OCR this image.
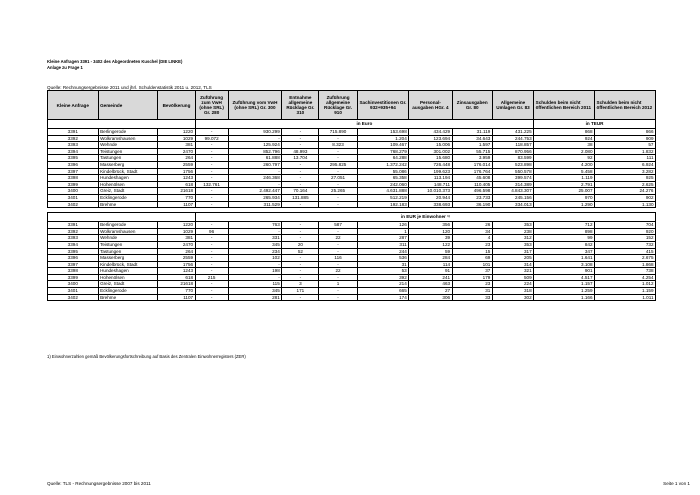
Kleine Anfragen 3391 - 3402 des Abgeordneten Kuschel (DIE LINKE)
Anlage zu Frage 1
Quelle: Rechnungsergebnisse 2011 und jhrl. Schuldenstatistik 2011 u. 2012, TLS
Kleine Anfrage	Gemeinde	Bevölkerung	Zuführung zum VwH (ohne SRL) Gr. 280	Zuführung vom VwH (ohne SRL) Gr. 300	Entnahme allgemeine Rücklage Gr. 310	Zuführung allgemeine Rücklage Gr. 910	Sachinvestitionen Gr. 932+935+94	Personal-ausgaben HGr. 4	Zinsausgaben Gr. 80	Allgemeine Umlagen Gr. 83	Schulden beim nicht öffentlichen Bereich 2011	Schulden beim nicht öffentlichen Bereich 2012
			in Euro								in TEUR	
3391	Berlingerode	1220	-	930.299	-	715.890	153.698	434.429	31.119	431.225	868	866
3392	Wolkramshausen	1029	99.072	-	-	-	1.204	123.694	34.643	244.753	924	909
3393	Wehnde	381	-	125.924	-	8.323	109.467	15.006	1.597	118.857	38	57
3394	Teistungen	2470	-	852.796	48.993	-	768.279	301.002	55.715	870.956	2.080	1.832
3395	Tastungen	264	-	61.888	13.704	-	64.288	15.680	3.959	83.599	92	111
3396	Masserberg	2559	-	260.797	-	295.825	1.372.242	726.448	176.014	523.898	4.200	6.924
3397	Kindelbrück, Stadt	1756	-	-	-	-	55.086	199.623	176.764	550.578	5.458	3.282
3398	Hundeshagen	1243	-	246.368	-	27.051	65.358	113.194	45.608	399.574	1.119	925
3399	Hohenölsen	618	132.761	-	-	-	242.060	148.711	110.405	314.389	2.791	2.625
3400	Greiz, Stadt	21618	-	2.492.447	70.164	25.265	4.631.888	10.010.373	496.598	4.843.307	25.007	24.276
3401	Ecklingerode	770	-	265.934	131.885	-	512.219	20.944	23.733	245.156	970	902
3402	Brehme	1107	-	311.529	-	-	192.183	338.693	36.190	334.013	1.290	1.130

			in EUR je Einwohner $^{1)}$
3391	Berlingerode	1220	-	763	-	587	126	356	26	353	712	704
3392	Wolkramshausen	1029	96	-	-	-	1	120	34	238	898	920
3393	Wehnde	381	-	331	-	22	287	39	4	312	99	152
3394	Teistungen	2470	-	345	20	-	311	122	23	353	842	732
3395	Tastungen	264	-	234	52	-	244	59	15	317	347	415
3396	Masserberg	2559	-	102	-	116	536	284	69	205	1.641	2.675
3397	Kindelbrück, Stadt	1756	-	-	-	-	31	114	101	314	3.108	1.868
3398	Hundeshagen	1243	-	198	-	22	53	91	37	321	901	738
3399	Hohenölsen	618	215	-	-	-	392	241	179	509	4.517	4.254
3400	Greiz, Stadt	21618	-	115	3	1	214	463	23	224	1.157	1.012
3401	Ecklingerode	770	-	345	171	-	665	27	31	318	1.259	1.159
3402	Brehme	1107	-	281	-	-	174	306	33	302	1.166	1.011
1) Einwohnerzahlen gemäß Bevölkerungsfortschreibung auf Basis des Zentralen Einwohnerregisters (ZER)
Quelle: TLS - Rechnungsergebnisse 2007 bis 2011	Seite 1 von 1
